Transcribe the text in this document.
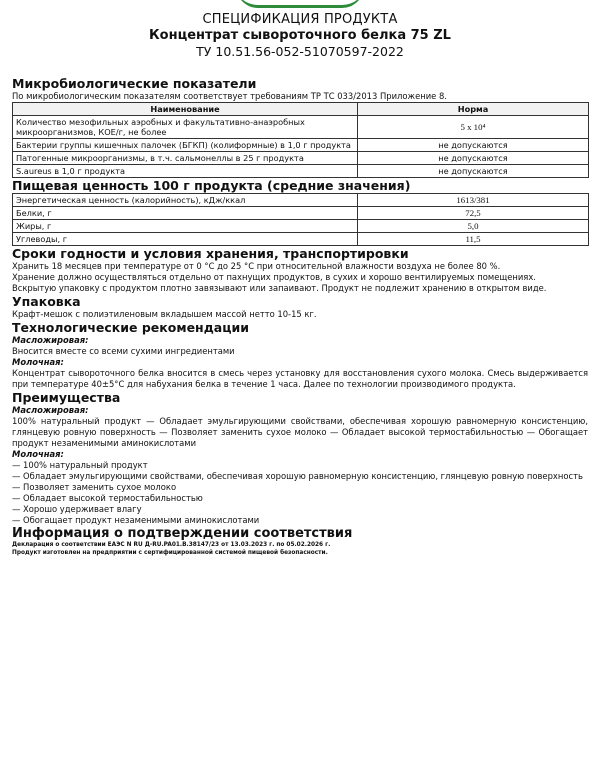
СПЕЦИФИКАЦИЯ ПРОДУКТА
Концентрат сывороточного белка 75 ZL
ТУ 10.51.56-052-51070597-2022
Микробиологические показатели
По микробиологическим показателям соответствует требованиям ТР ТС 033/2013 Приложение 8.
Наименование	Норма
Количество мезофильных аэробных и факультативно-анаэробных микроорганизмов, КОЕ/г, не более	5 x 10⁴
Бактерии группы кишечных палочек (БГКП) (колиформные) в 1,0 г продукта	не допускаются
Патогенные микроорганизмы, в т.ч. сальмонеллы в 25 г продукта	не допускаются
S.aureus в 1,0 г продукта	не допускаются
Пищевая ценность 100 г продукта (средние значения)
Энергетическая ценность (калорийность), кДж/ккал	1613/381
Белки, г	72,5
Жиры, г	5,0
Углеводы, г	11,5
Сроки годности и условия хранения, транспортировки
Хранить 18 месяцев при температуре от 0 °С до 25 °С при относительной влажности воздуха не более 80 %.
Хранение должно осуществляться отдельно от пахнущих продуктов, в сухих и хорошо вентилируемых помещениях.
Вскрытую упаковку с продуктом плотно завязывают или запаивают. Продукт не подлежит хранению в открытом виде.
Упаковка
Крафт-мешок с полиэтиленовым вкладышем массой нетто 10-15 кг.
Технологические рекомендации
Масложировая:
Вносится вместе со всеми сухими ингредиентами
Молочная:
Концентрат сывороточного белка вносится в смесь через установку для восстановления сухого молока. Смесь выдерживается при температуре 40±5°С для набухания белка в течение 1 часа. Далее по технологии производимого продукта.
Преимущества
Масложировая:
100% натуральный продукт — Обладает эмульгирующими свойствами, обеспечивая хорошую равномерную консистенцию, глянцевую ровную поверхность — Позволяет заменить сухое молоко — Обладает высокой термостабильностью — Обогащает продукт незаменимыми аминокислотами
Молочная:
— 100% натуральный продукт
— Обладает эмульгирующими свойствами, обеспечивая хорошую равномерную консистенцию, глянцевую ровную поверхность
— Позволяет заменить сухое молоко
— Обладает высокой термостабильностью
— Хорошо удерживает влагу
— Обогащает продукт незаменимыми аминокислотами
Информация о подтверждении соответствия
Декларация о соответствии ЕАЭС N RU Д-RU.PA01.B.38147/23 от 13.03.2023 г. по 05.02.2026 г.
Продукт изготовлен на предприятии с сертифицированной системой пищевой безопасности.
